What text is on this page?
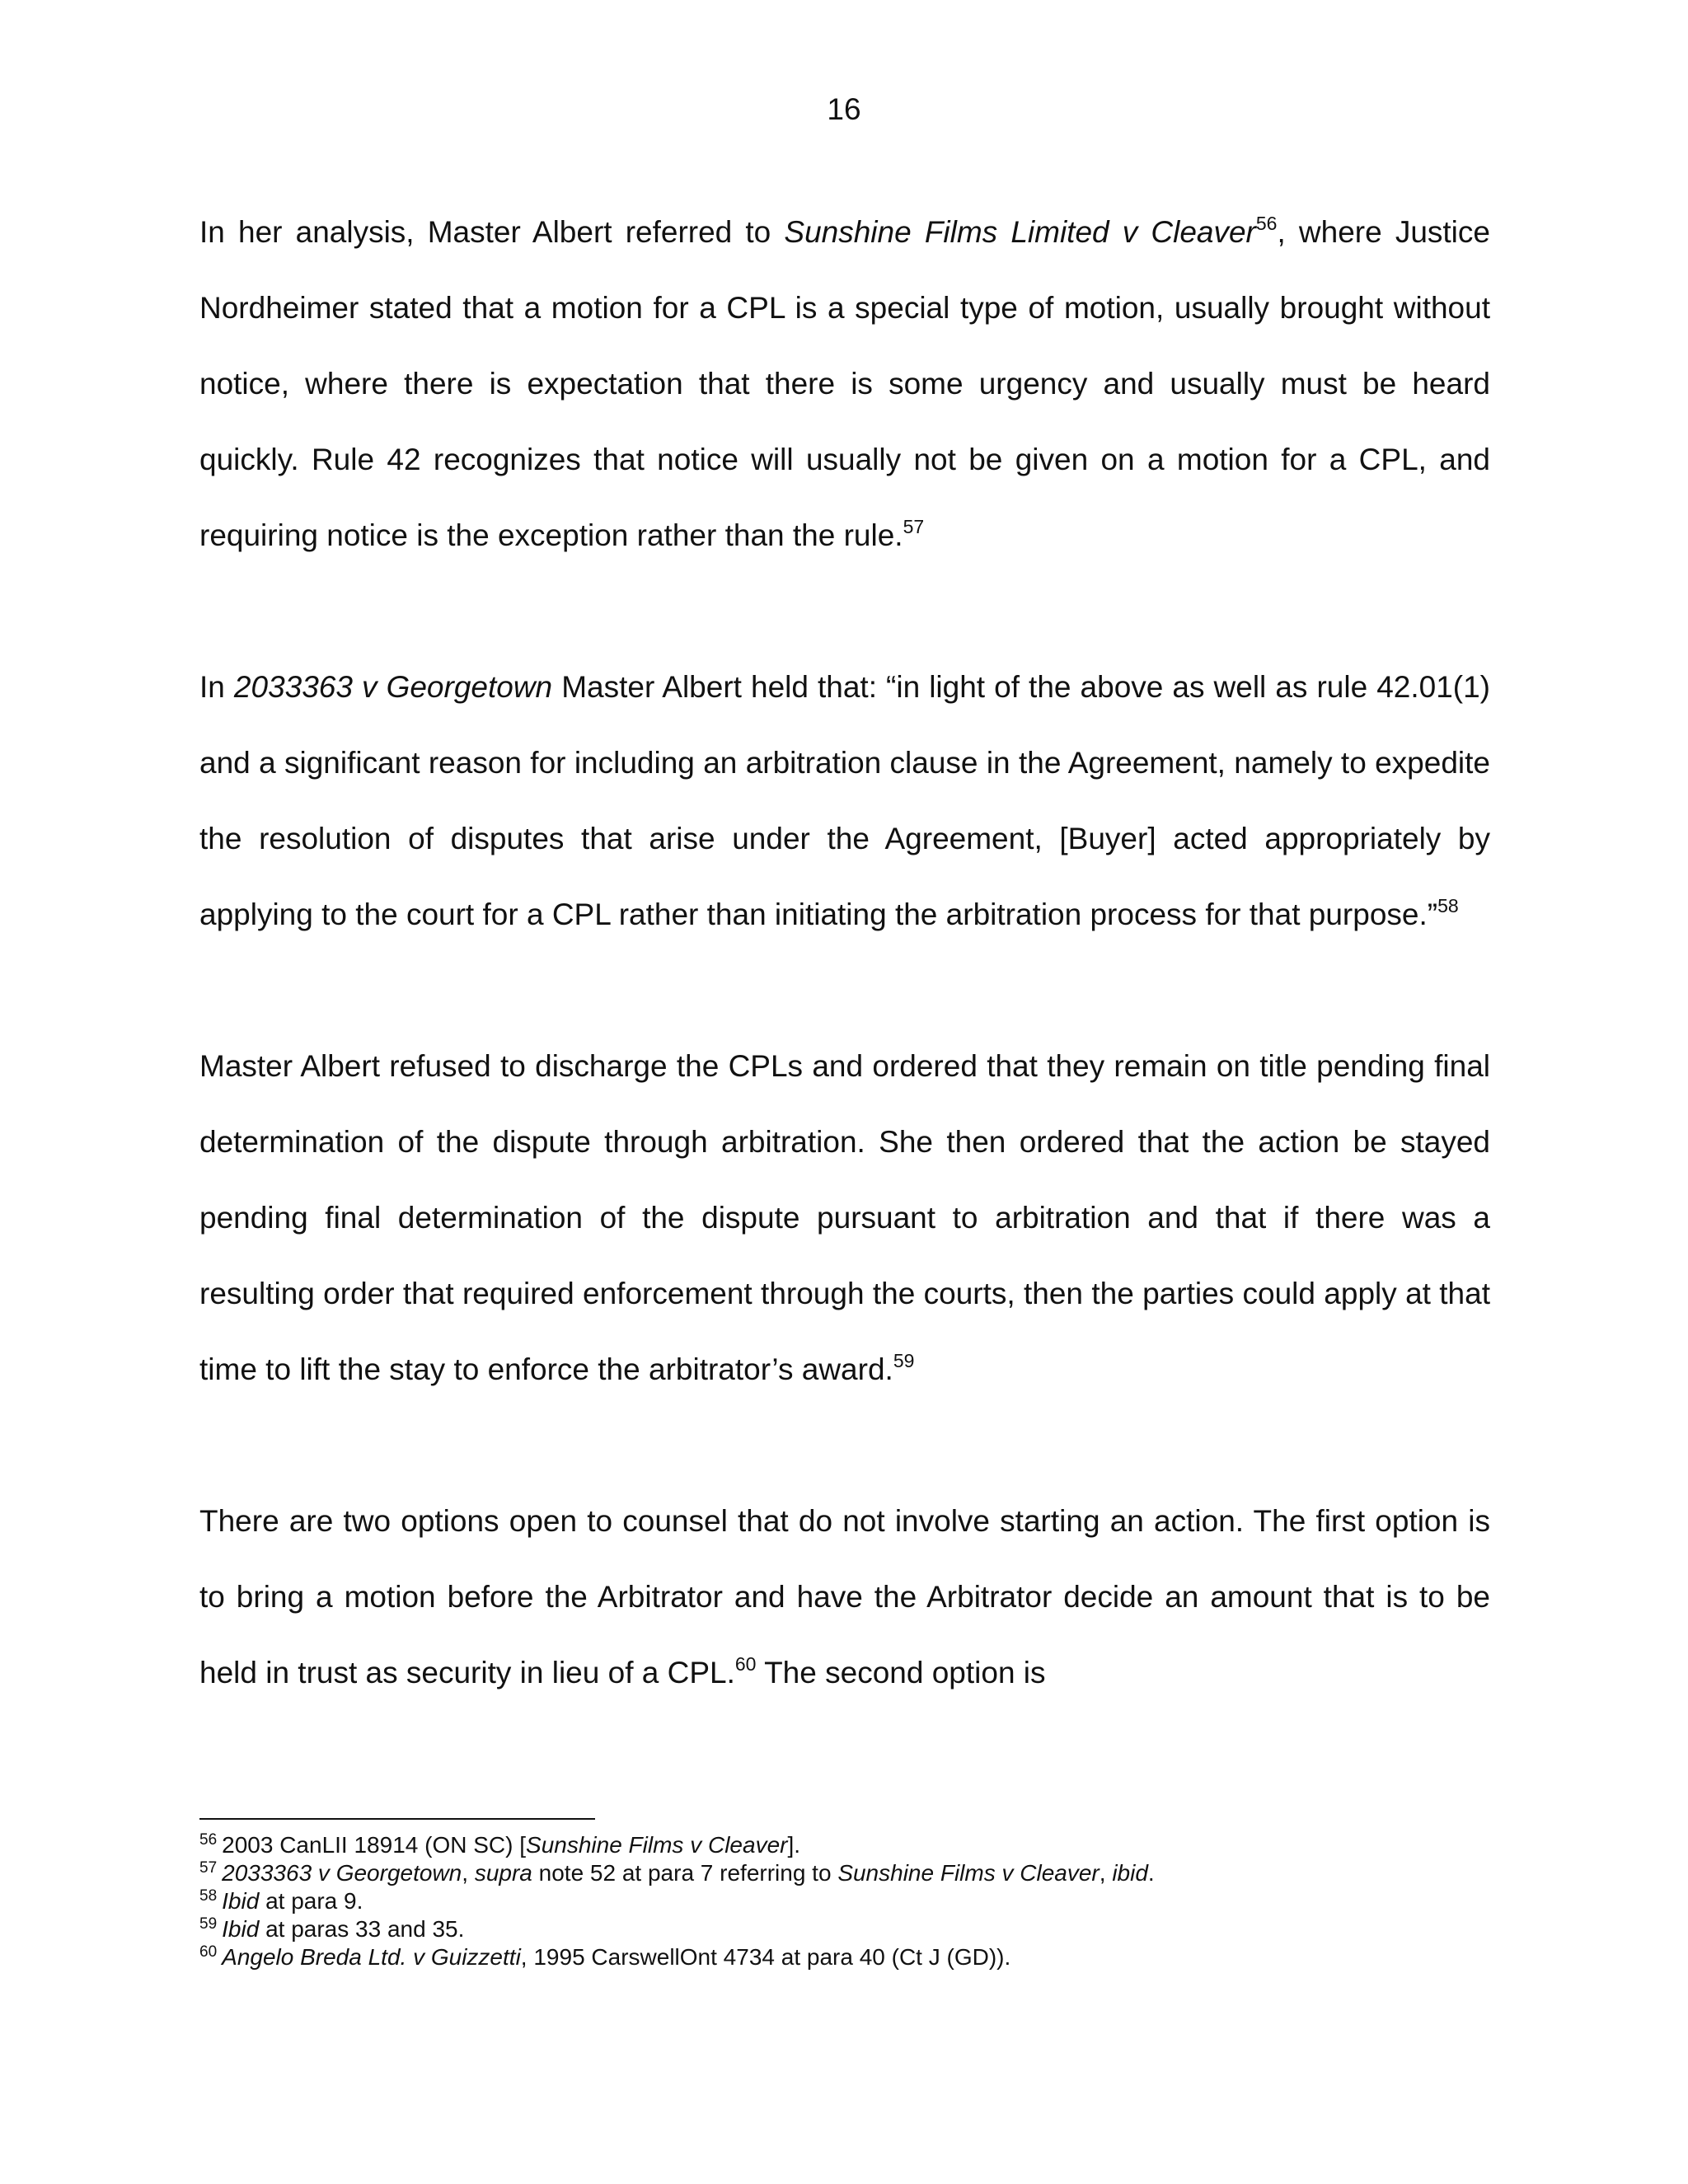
16

In her analysis, Master Albert referred to Sunshine Films Limited v Cleaver$^{56}$, where Justice Nordheimer stated that a motion for a CPL is a special type of motion, usually brought without notice, where there is expectation that there is some urgency and usually must be heard quickly. Rule 42 recognizes that notice will usually not be given on a motion for a CPL, and requiring notice is the exception rather than the rule.$^{57}$

In 2033363 v Georgetown Master Albert held that: “in light of the above as well as rule 42.01(1) and a significant reason for including an arbitration clause in the Agreement, namely to expedite the resolution of disputes that arise under the Agreement, [Buyer] acted appropriately by applying to the court for a CPL rather than initiating the arbitration process for that purpose.”$^{58}$

Master Albert refused to discharge the CPLs and ordered that they remain on title pending final determination of the dispute through arbitration. She then ordered that the action be stayed pending final determination of the dispute pursuant to arbitration and that if there was a resulting order that required enforcement through the courts, then the parties could apply at that time to lift the stay to enforce the arbitrator’s award.$^{59}$

There are two options open to counsel that do not involve starting an action. The first option is to bring a motion before the Arbitrator and have the Arbitrator decide an amount that is to be held in trust as security in lieu of a CPL.$^{60}$ The second option is

$^{56}$ 2003 CanLII 18914 (ON SC) [Sunshine Films v Cleaver].
$^{57}$ 2033363 v Georgetown, supra note 52 at para 7 referring to Sunshine Films v Cleaver, ibid.
$^{58}$ Ibid at para 9.
$^{59}$ Ibid at paras 33 and 35.
$^{60}$ Angelo Breda Ltd. v Guizzetti, 1995 CarswellOnt 4734 at para 40 (Ct J (GD)).
